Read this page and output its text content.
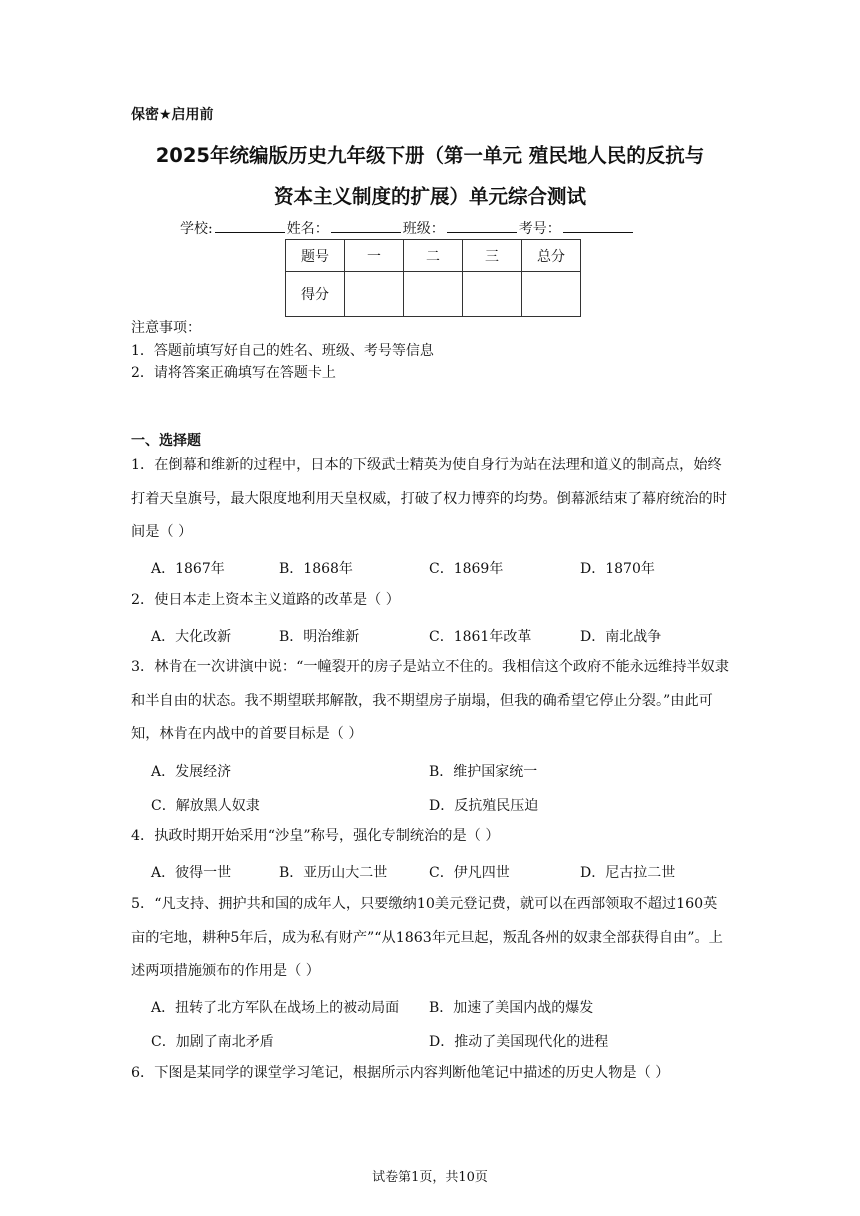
保密★启用前
2025年统编版历史九年级下册（第一单元 殖民地人民的反抗与
资本主义制度的扩展）单元综合测试
学校:	姓名：	班级：	考号：
题号	一	二	三	总分
得分				
注意事项：
1．答题前填写好自己的姓名、班级、考号等信息
2．请将答案正确填写在答题卡上
一、选择题
1．在倒幕和维新的过程中，日本的下级武士精英为使自身行为站在法理和道义的制高点，始终打着天皇旗号，最大限度地利用天皇权威，打破了权力博弈的均势。倒幕派结束了幕府统治的时间是（ ）
A．1867年	B．1868年	C．1869年	D．1870年
2．使日本走上资本主义道路的改革是（ ）
A．大化改新	B．明治维新	C．1861年改革	D．南北战争
3．林肯在一次讲演中说：“一幢裂开的房子是站立不住的。我相信这个政府不能永远维持半奴隶和半自由的状态。我不期望联邦解散，我不期望房子崩塌，但我的确希望它停止分裂。”由此可知，林肯在内战中的首要目标是（ ）
A．发展经济	B．维护国家统一
C．解放黑人奴隶	D．反抗殖民压迫
4．执政时期开始采用“沙皇”称号，强化专制统治的是（ ）
A．彼得一世	B．亚历山大二世	C．伊凡四世	D．尼古拉二世
5．“凡支持、拥护共和国的成年人，只要缴纳10美元登记费，就可以在西部领取不超过160英亩的宅地，耕种5年后，成为私有财产”“从1863年元旦起，叛乱各州的奴隶全部获得自由”。上述两项措施颁布的作用是（ ）
A．扭转了北方军队在战场上的被动局面 B．加速了美国内战的爆发
C．加剧了南北矛盾	D．推动了美国现代化的进程
6．下图是某同学的课堂学习笔记，根据所示内容判断他笔记中描述的历史人物是（ ）
试卷第1页，共10页
